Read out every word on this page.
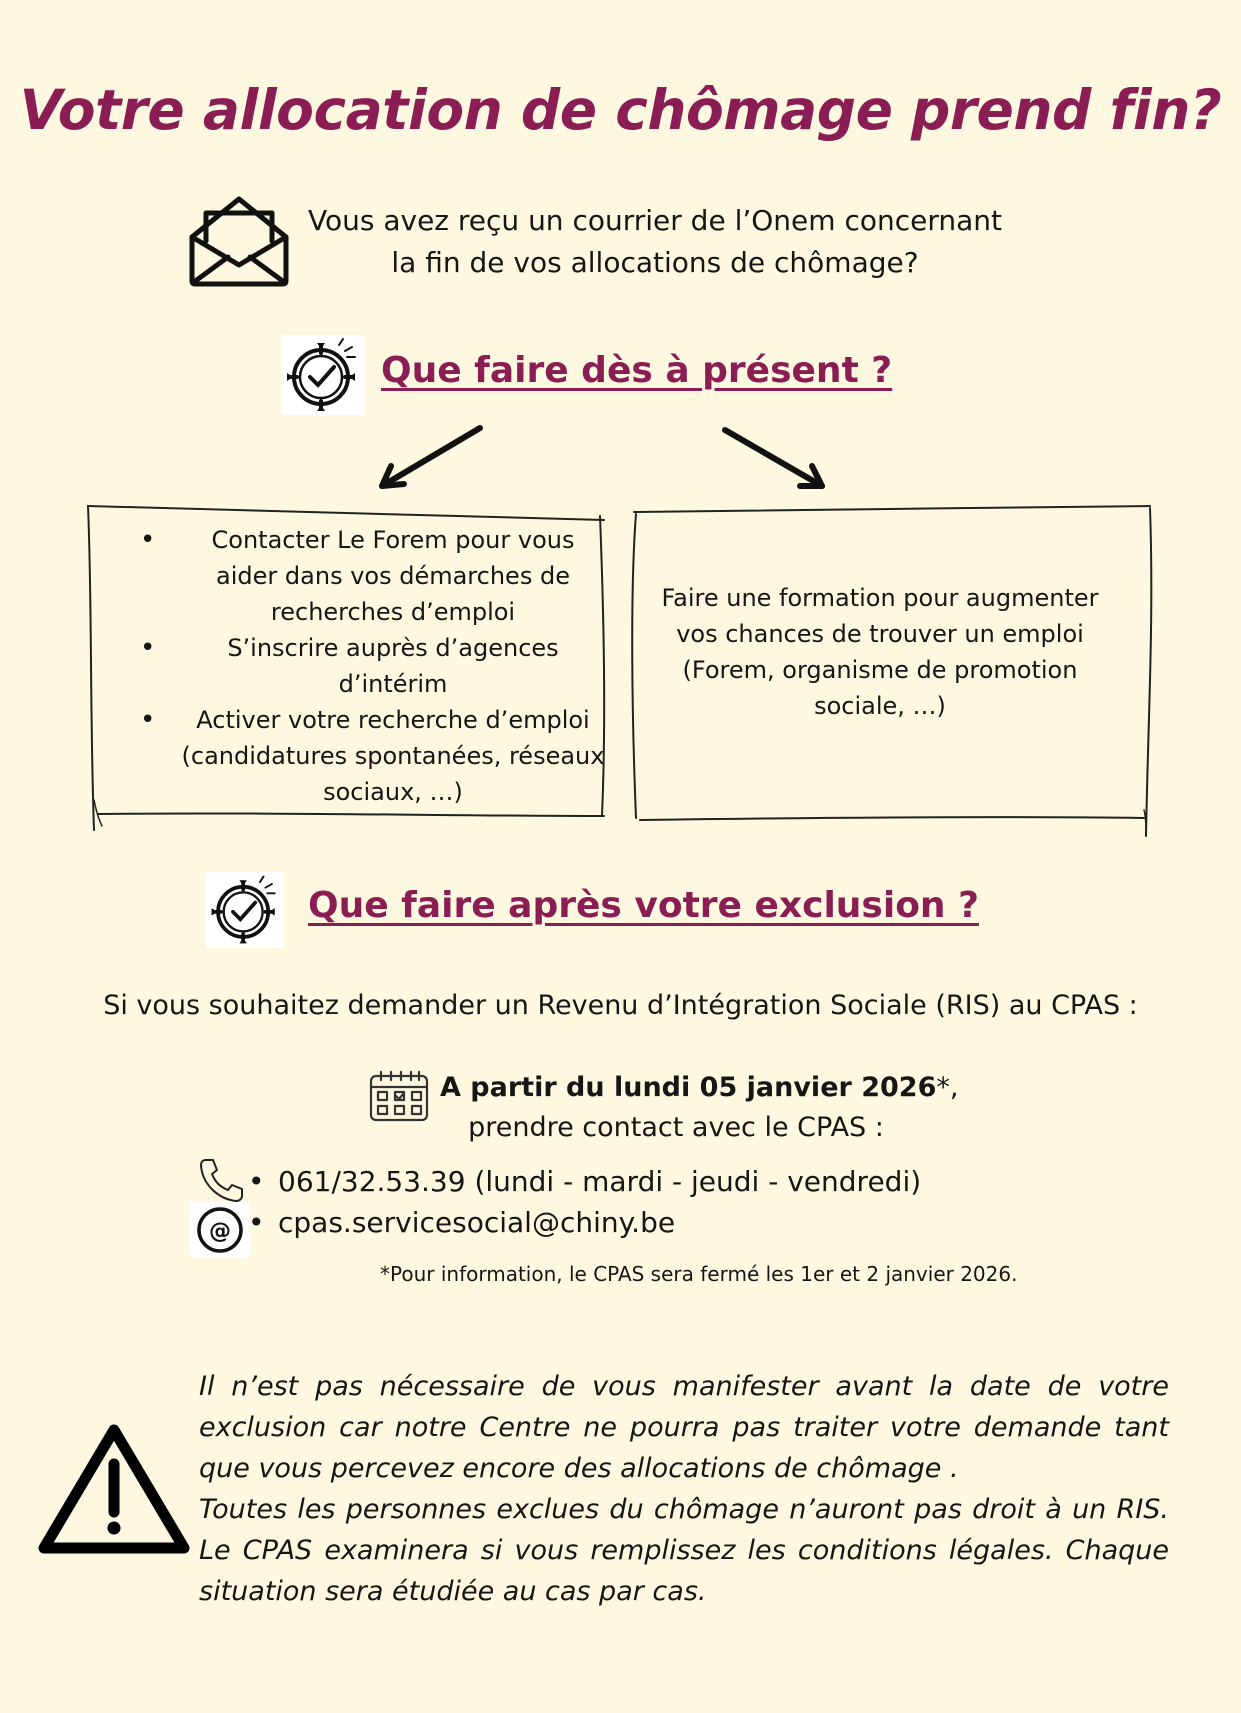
Votre allocation de chômage prend fin?
Vous avez reçu un courrier de l’Onem concernant
la fin de vos allocations de chômage?
Que faire dès à présent ?
• Contacter Le Forem pour vous aider dans vos démarches de recherches d’emploi
• S’inscrire auprès d’agences d’intérim
• Activer votre recherche d’emploi (candidatures spontanées, réseaux sociaux, …)
Faire une formation pour augmenter vos chances de trouver un emploi (Forem, organisme de promotion sociale, …)
Que faire après votre exclusion ?
Si vous souhaitez demander un Revenu d’Intégration Sociale (RIS) au CPAS :
A partir du lundi 05 janvier 2026*,
prendre contact avec le CPAS :
@
• 061/32.53.39 (lundi - mardi - jeudi - vendredi)
• cpas.servicesocial@chiny.be
*Pour information, le CPAS sera fermé les 1er et 2 janvier 2026.

Il n’est pas nécessaire de vous manifester avant la date de votre exclusion car notre Centre ne pourra pas traiter votre demande tant que vous percevez encore des allocations de chômage .

Toutes les personnes exclues du chômage n’auront pas droit à un RIS. Le CPAS examinera si vous remplissez les conditions légales. Chaque situation sera étudiée au cas par cas.
